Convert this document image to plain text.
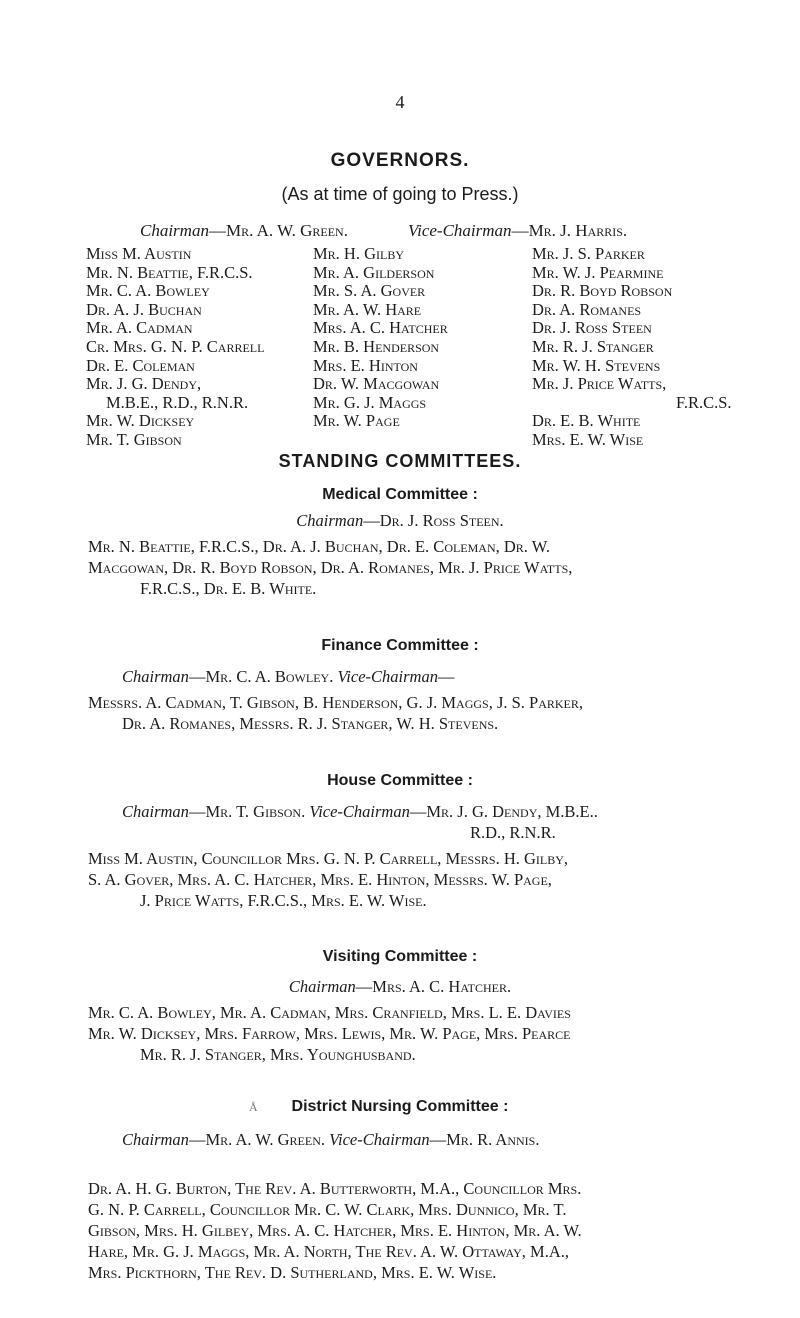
4
GOVERNORS.
(As at time of going to Press.)
Chairman—Mr. A. W. Green.	Vice-Chairman—Mr. J. Harris.
Miss M. Austin
Mr. N. Beattie, F.R.C.S.
Mr. C. A. Bowley
Dr. A. J. Buchan
Mr. A. Cadman
Cr. Mrs. G. N. P. Carrell
Dr. E. Coleman
Mr. J. G. Dendy,
M.B.E., R.D., R.N.R.
Mr. W. Dicksey
Mr. T. Gibson
Mr. H. Gilby
Mr. A. Gilderson
Mr. S. A. Gover
Mr. A. W. Hare
Mrs. A. C. Hatcher
Mr. B. Henderson
Mrs. E. Hinton
Dr. W. Macgowan
Mr. G. J. Maggs
Mr. W. Page
Mr. J. S. Parker
Mr. W. J. Pearmine
Dr. R. Boyd Robson
Dr. A. Romanes
Dr. J. Ross Steen
Mr. R. J. Stanger
Mr. W. H. Stevens
Mr. J. Price Watts,
F.R.C.S.
Dr. E. B. White
Mrs. E. W. Wise
STANDING COMMITTEES.
Medical Committee :
Chairman—Dr. J. Ross Steen.
Mr. N. Beattie, F.R.C.S., Dr. A. J. Buchan, Dr. E. Coleman, Dr. W.
Macgowan, Dr. R. Boyd Robson, Dr. A. Romanes, Mr. J. Price Watts,
F.R.C.S., Dr. E. B. White.
Finance Committee :
Chairman—Mr. C. A. Bowley. Vice-Chairman—
Messrs. A. Cadman, T. Gibson, B. Henderson, G. J. Maggs, J. S. Parker,
Dr. A. Romanes, Messrs. R. J. Stanger, W. H. Stevens.
House Committee :
Chairman—Mr. T. Gibson. Vice-Chairman—Mr. J. G. Dendy, M.B.E..
R.D., R.N.R.
Miss M. Austin, Councillor Mrs. G. N. P. Carrell, Messrs. H. Gilby,
S. A. Gover, Mrs. A. C. Hatcher, Mrs. E. Hinton, Messrs. W. Page,
J. Price Watts, F.R.C.S., Mrs. E. W. Wise.
Visiting Committee :
Chairman—Mrs. A. C. Hatcher.
Mr. C. A. Bowley, Mr. A. Cadman, Mrs. Cranfield, Mrs. L. E. Davies
Mr. W. Dicksey, Mrs. Farrow, Mrs. Lewis, Mr. W. Page, Mrs. Pearce
Mr. R. J. Stanger, Mrs. Younghusband.
Å	District Nursing Committee :
Chairman—Mr. A. W. Green. Vice-Chairman—Mr. R. Annis.
Dr. A. H. G. Burton, The Rev. A. Butterworth, M.A., Councillor Mrs.
G. N. P. Carrell, Councillor Mr. C. W. Clark, Mrs. Dunnico, Mr. T.
Gibson, Mrs. H. Gilbey, Mrs. A. C. Hatcher, Mrs. E. Hinton, Mr. A. W.
Hare, Mr. G. J. Maggs, Mr. A. North, The Rev. A. W. Ottaway, M.A.,
Mrs. Pickthorn, The Rev. D. Sutherland, Mrs. E. W. Wise.
